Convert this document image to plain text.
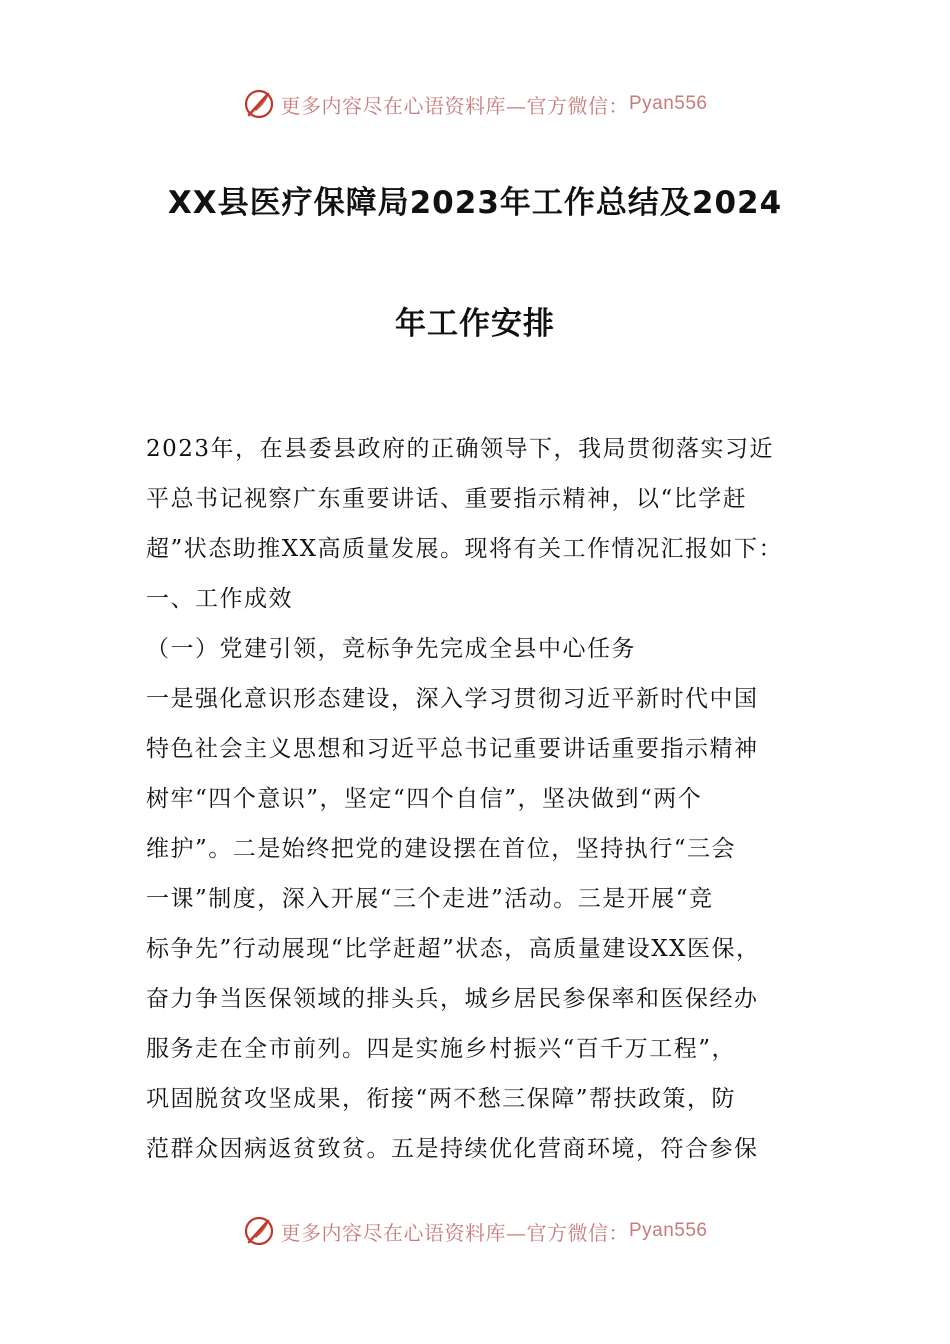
更多内容尽在心语资料库—官方微信： Pyan556
XX县医疗保障局2023年工作总结及2024
年工作安排
2023年，在县委县政府的正确领导下，我局贯彻落实习近
平总书记视察广东重要讲话、重要指示精神，以“比学赶
超”状态助推XX高质量发展。现将有关工作情况汇报如下：
一、工作成效
（一）党建引领，竞标争先完成全县中心任务
一是强化意识形态建设，深入学习贯彻习近平新时代中国
特色社会主义思想和习近平总书记重要讲话重要指示精神
树牢“四个意识”，坚定“四个自信”，坚决做到“两个
维护”。二是始终把党的建设摆在首位，坚持执行“三会
一课”制度，深入开展“三个走进”活动。三是开展“竞
标争先”行动展现“比学赶超”状态，高质量建设XX医保，
奋力争当医保领域的排头兵，城乡居民参保率和医保经办
服务走在全市前列。四是实施乡村振兴“百千万工程”，
巩固脱贫攻坚成果，衔接“两不愁三保障”帮扶政策，防
范群众因病返贫致贫。五是持续优化营商环境，符合参保
更多内容尽在心语资料库—官方微信： Pyan556
